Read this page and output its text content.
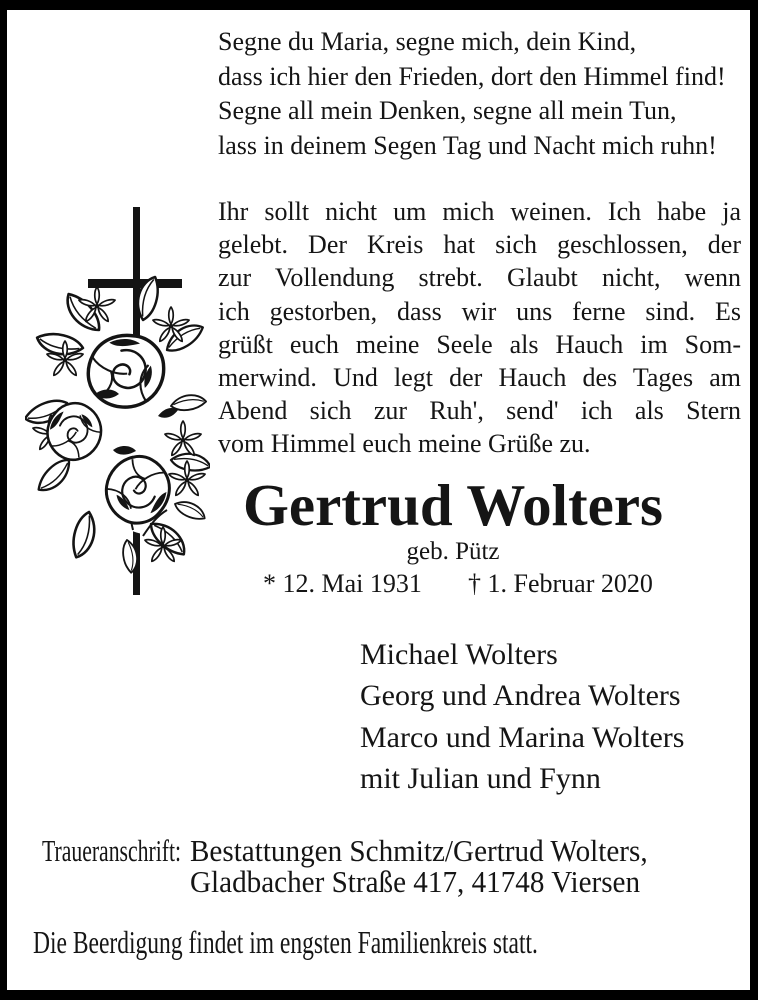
Segne du Maria, segne mich, dein Kind,
dass ich hier den Frieden, dort den Himmel find!
Segne all mein Denken, segne all mein Tun,
lass in deinem Segen Tag und Nacht mich ruhn!
Ihr sollt nicht um mich weinen. Ich habe ja
gelebt. Der Kreis hat sich geschlossen, der
zur Vollendung strebt. Glaubt nicht, wenn
ich gestorben, dass wir uns ferne sind. Es
grüßt euch meine Seele als Hauch im Som-
merwind. Und legt der Hauch des Tages am
Abend sich zur Ruh', send' ich als Stern
vom Himmel euch meine Grüße zu.
Gertrud Wolters
geb. Pütz
* 12. Mai 1931 † 1. Februar 2020
Michael Wolters
Georg und Andrea Wolters
Marco und Marina Wolters
mit Julian und Fynn
Traueranschrift: Bestattungen Schmitz/Gertrud Wolters,
Gladbacher Straße 417, 41748 Viersen
Die Beerdigung findet im engsten Familienkreis statt.
